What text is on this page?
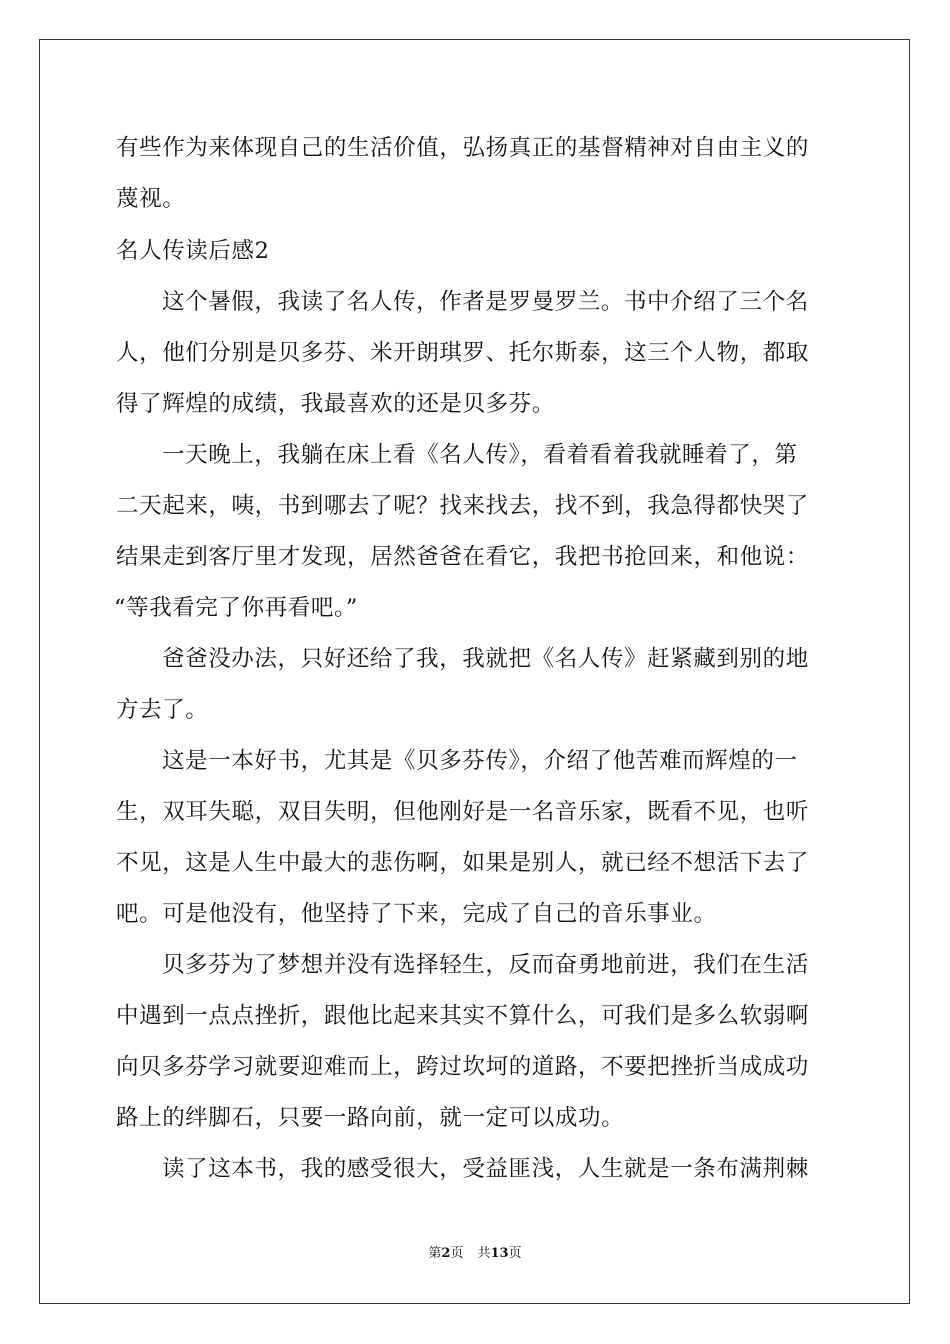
有些作为来体现自己的生活价值，弘扬真正的基督精神对自由主义的
蔑视。
名人传读后感2
这个暑假，我读了名人传，作者是罗曼罗兰。书中介绍了三个名
人，他们分别是贝多芬、米开朗琪罗、托尔斯泰，这三个人物，都取
得了辉煌的成绩，我最喜欢的还是贝多芬。
一天晚上，我躺在床上看《名人传》，看着看着我就睡着了，第
二天起来，咦，书到哪去了呢？找来找去，找不到，我急得都快哭了
结果走到客厅里才发现，居然爸爸在看它，我把书抢回来，和他说：
“等我看完了你再看吧。”
爸爸没办法，只好还给了我，我就把《名人传》赶紧藏到别的地
方去了。
这是一本好书，尤其是《贝多芬传》，介绍了他苦难而辉煌的一
生，双耳失聪，双目失明，但他刚好是一名音乐家，既看不见，也听
不见，这是人生中最大的悲伤啊，如果是别人，就已经不想活下去了
吧。可是他没有，他坚持了下来，完成了自己的音乐事业。
贝多芬为了梦想并没有选择轻生，反而奋勇地前进，我们在生活
中遇到一点点挫折，跟他比起来其实不算什么，可我们是多么软弱啊
向贝多芬学习就要迎难而上，跨过坎坷的道路，不要把挫折当成成功
路上的绊脚石，只要一路向前，就一定可以成功。
读了这本书，我的感受很大，受益匪浅，人生就是一条布满荆棘
第2页 共13页
